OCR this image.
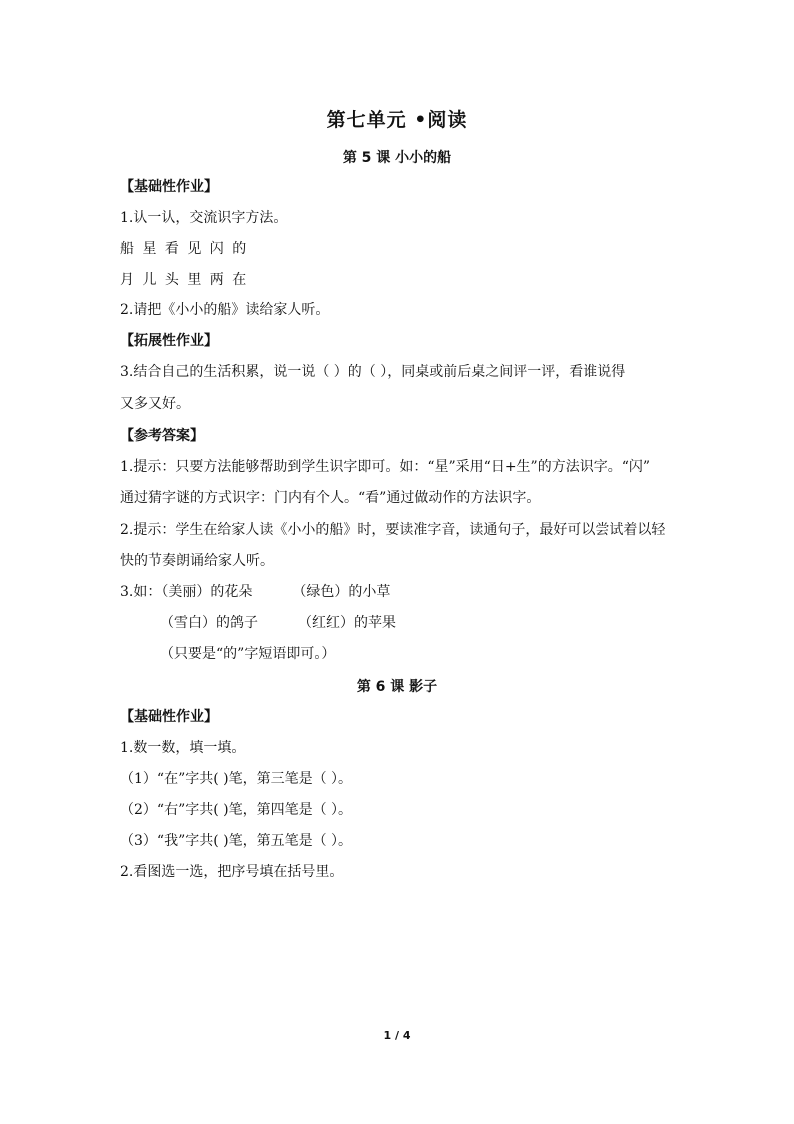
第七单元 •阅读
第 5 课 小小的船
【基础性作业】
1.认一认，交流识字方法。
船 星 看 见 闪 的
月 儿 头 里 两 在
2.请把《小小的船》读给家人听。
【拓展性作业】
3.结合自己的生活积累，说一说（ ）的（ ），同桌或前后桌之间评一评，看谁说得
又多又好。
【参考答案】
1.提示：只要方法能够帮助到学生识字即可。如：“星”采用“日+生”的方法识字。“闪”
通过猜字谜的方式识字：门内有个人。“看”通过做动作的方法识字。
2.提示：学生在给家人读《小小的船》时，要读准字音，读通句子，最好可以尝试着以轻
快的节奏朗诵给家人听。
3.如：（美丽）的花朵	（绿色）的小草
（雪白）的鸽子	（红红）的苹果
（只要是“的”字短语即可。）
第 6 课 影子
【基础性作业】
1.数一数，填一填。
（1）“在”字共( )笔，第三笔是（ ）。
（2）“右”字共( )笔，第四笔是（ ）。
（3）“我”字共( )笔，第五笔是（ ）。
2.看图选一选，把序号填在括号里。
1 / 4
